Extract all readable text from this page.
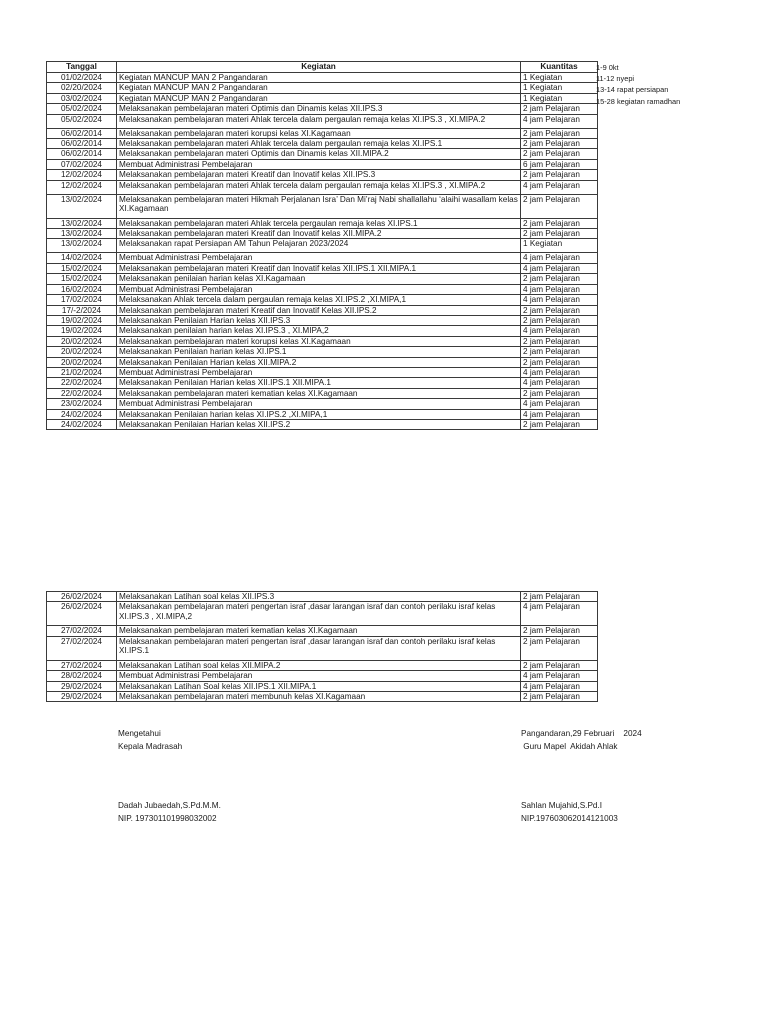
Tanggal	Kegiatan	Kuantitas
01/02/2024	Kegiatan MANCUP MAN 2 Pangandaran	1 Kegiatan
02/20/2024	Kegiatan MANCUP MAN 2 Pangandaran	1 Kegiatan
03/02/2024	Kegiatan MANCUP MAN 2 Pangandaran	1 Kegiatan
05/02/2024	Melaksanakan pembelajaran materi Optimis dan Dinamis kelas XII.IPS.3	2 jam Pelajaran
05/02/2024	Melaksanakan pembelajaran materi Ahlak tercela dalam pergaulan remaja kelas XI.IPS.3 , XI.MIPA.2	4 jam Pelajaran
06/02/2014	Melaksanakan pembelajaran materi korupsi kelas XI.Kagamaan	2 jam Pelajaran
06/02/2014	Melaksanakan pembelajaran materi Ahlak tercela dalam pergaulan remaja kelas XI.IPS.1	2 jam Pelajaran
06/02/2014	Melaksanakan pembelajaran materi Optimis dan Dinamis kelas XII.MIPA.2	2 jam Pelajaran
07/02/2024	Membuat Administrasi Pembelajaran	6 jam Pelajaran
12/02/2024	Melaksanakan pembelajaran materi Kreatif dan Inovatif kelas XII.IPS.3	2 jam Pelajaran
12/02/2024	Melaksanakan pembelajaran materi Ahlak tercela dalam pergaulan remaja kelas XI.IPS.3 , XI.MIPA.2	4 jam Pelajaran
13/02/2024	Melaksanakan pembelajaran materi Hikmah Perjalanan Isra’ Dan Mi’raj Nabi shallallahu ‘alaihi wasallam kelas XI.Kagamaan	2 jam Pelajaran
13/02/2024	Melaksanakan pembelajaran materi Ahlak tercela pergaulan remaja kelas XI.IPS.1	2 jam Pelajaran
13/02/2024	Melaksanakan pembelajaran materi Kreatif dan Inovatif kelas XII.MIPA.2	2 jam Pelajaran
13/02/2024	Melaksanakan rapat Persiapan AM Tahun Pelajaran 2023/2024	1 Kegiatan
14/02/2024	Membuat Administrasi Pembelajaran	4 jam Pelajaran
15/02/2024	Melaksanakan pembelajaran materi Kreatif dan Inovatif kelas XII.IPS.1 XII.MIPA.1	4 jam Pelajaran
15/02/2024	Melaksanakan penilaian harian kelas XI.Kagamaan	2 jam Pelajaran
16/02/2024	Membuat Administrasi Pembelajaran	4 jam Pelajaran
17/02/2024	Melaksanakan Ahlak tercela dalam pergaulan remaja kelas XI.IPS.2 ,XI.MIPA,1	4 jam Pelajaran
17/-2/2024	Melaksanakan pembelajaran materi Kreatif dan Inovatif Kelas XII.IPS.2	2 jam Pelajaran
19/02/2024	Melaksanakan Penilaian Harian kelas XII.IPS.3	2 jam Pelajaran
19/02/2024	Melaksanakan penilaian harian kelas XI.IPS.3 , XI.MIPA,2	4 jam Pelajaran
20/02/2024	Melaksanakan pembelajaran materi korupsi kelas XI.Kagamaan	2 jam Pelajaran
20/02/2024	Melaksanakan Penilaian harian kelas XI.IPS.1	2 jam Pelajaran
20/02/2024	Melaksanakan Penilaian Harian kelas XII.MIPA.2	2 jam Pelajaran
21/02/2024	Membuat Administrasi Pembelajaran	4 jam Pelajaran
22/02/2024	Melaksanakan Penilaian Harian kelas XII.IPS.1 XII.MIPA.1	4 jam Pelajaran
22/02/2024	Melaksanakan pembelajaran materi kematian kelas XI.Kagamaan	2 jam Pelajaran
23/02/2024	Membuat Administrasi Pembelajaran	4 jam Pelajaran
24/02/2024	Melaksanakan Penilaian harian kelas XI.IPS.2 ,XI.MIPA,1	4 jam Pelajaran
24/02/2024	Melaksanakan Penilaian Harian kelas XII.IPS.2	2 jam Pelajaran
1-9 0kt
11-12 nyepi
13-14 rapat persiapan
15-28 kegiatan ramadhan
26/02/2024	Melaksanakan Latihan soal kelas XII.IPS.3	2 jam Pelajaran
26/02/2024	Melaksanakan pembelajaran materi pengertan israf ,dasar larangan israf dan contoh perilaku israf kelas XI.IPS.3 , XI.MIPA,2	4 jam Pelajaran
27/02/2024	Melaksanakan pembelajaran materi kematian kelas XI.Kagamaan	2 jam Pelajaran
27/02/2024	Melaksanakan pembelajaran materi pengertan israf ,dasar larangan israf dan contoh perilaku israf kelas XI.IPS.1	2 jam Pelajaran
27/02/2024	Melaksanakan Latihan soal kelas XII.MIPA.2	2 jam Pelajaran
28/02/2024	Membuat Administrasi Pembelajaran	4 jam Pelajaran
29/02/2024	Melaksanakan Latihan Soal kelas XII.IPS.1 XII.MIPA.1	4 jam Pelajaran
29/02/2024	Melaksanakan pembelajaran materi membunuh kelas XI.Kagamaan	2 jam Pelajaran
Mengetahui
Kepala Madrasah
Pangandaran,29 Februari    2024
Guru Mapel  Akidah Ahlak
Dadah Jubaedah,S.Pd.M.M.
NIP. 197301101998032002
Sahlan Mujahid,S.Pd.I
NIP.197603062014121003
